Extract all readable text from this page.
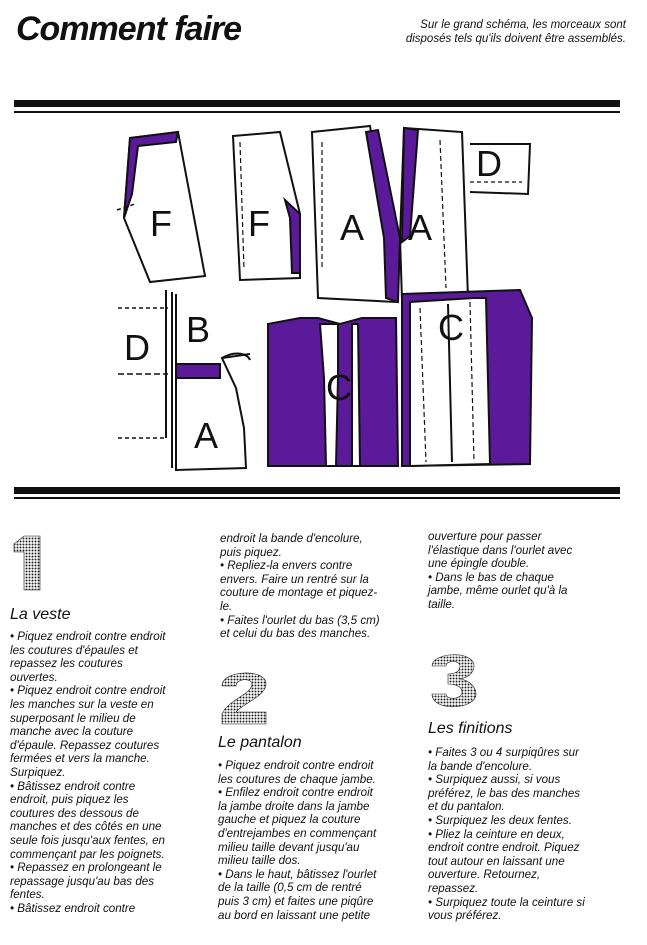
Comment faire	Sur le grand schéma, les morceaux sont
disposés tels qu'ils doivent être assemblés.
F F A A
D
D B
A
C
C
La veste

• Piquez endroit contre endroit

les coutures d'épaules et

repassez les coutures

ouvertes.

• Piquez endroit contre endroit

les manches sur la veste en

superposant le milieu de

manche avec la couture

d'épaule. Repassez coutures

fermées et vers la manche.

Surpiquez.

• Bâtissez endroit contre

endroit, puis piquez les

coutures des dessous de

manches et des côtés en une

seule fois jusqu'aux fentes, en

commençant par les poignets.

• Repassez en prolongeant le

repassage jusqu'au bas des

fentes.

• Bâtissez endroit contre

endroit la bande d'encolure,

puis piquez.

• Repliez-la envers contre

envers. Faire un rentré sur la

couture de montage et piquez-

le.

• Faites l'ourlet du bas (3,5 cm)

et celui du bas des manches.

Le pantalon

• Piquez endroit contre endroit

les coutures de chaque jambe.

• Enfilez endroit contre endroit

la jambe droite dans la jambe

gauche et piquez la couture

d'entrejambes en commençant

milieu taille devant jusqu'au

milieu taille dos.

• Dans le haut, bâtissez l'ourlet

de la taille (0,5 cm de rentré

puis 3 cm) et faites une piqûre

au bord en laissant une petite

ouverture pour passer

l'élastique dans l'ourlet avec

une épingle double.

• Dans le bas de chaque

jambe, même ourlet qu'à la

taille.

Les finitions

• Faites 3 ou 4 surpiqûres sur

la bande d'encolure.

• Surpiquez aussi, si vous

préférez, le bas des manches

et du pantalon.

• Surpiquez les deux fentes.

• Pliez la ceinture en deux,

endroit contre endroit. Piquez

tout autour en laissant une

ouverture. Retournez,

repassez.

• Surpiquez toute la ceinture si

vous préférez.
